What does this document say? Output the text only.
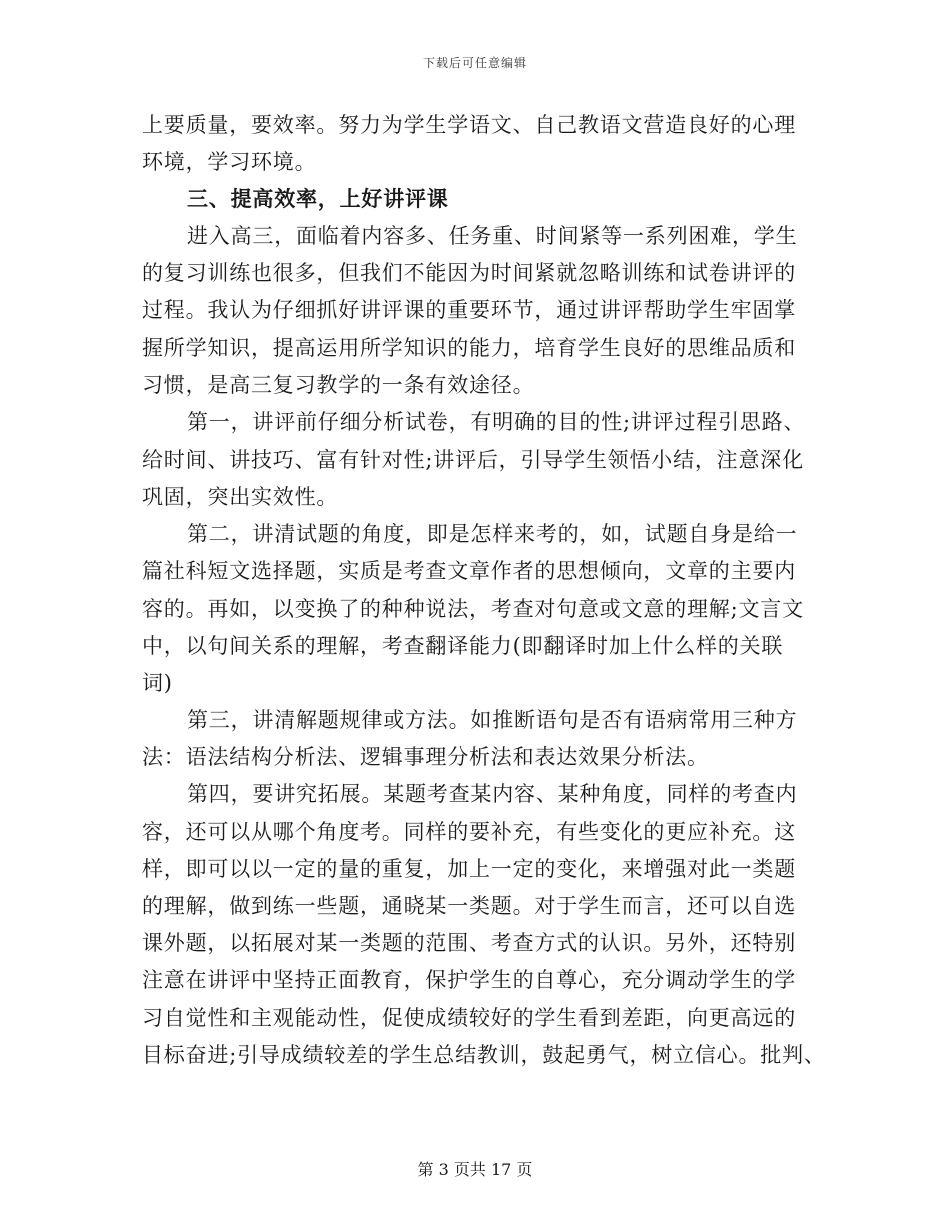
下载后可任意编辑
上要质量，要效率。努力为学生学语文、自己教语文营造良好的心理
环境，学习环境。
三、提高效率，上好讲评课
进入高三，面临着内容多、任务重、时间紧等一系列困难，学生
的复习训练也很多，但我们不能因为时间紧就忽略训练和试卷讲评的
过程。我认为仔细抓好讲评课的重要环节，通过讲评帮助学生牢固掌
握所学知识，提高运用所学知识的能力，培育学生良好的思维品质和
习惯，是高三复习教学的一条有效途径。
第一，讲评前仔细分析试卷，有明确的目的性;讲评过程引思路、
给时间、讲技巧、富有针对性;讲评后，引导学生领悟小结，注意深化
巩固，突出实效性。
第二，讲清试题的角度，即是怎样来考的，如，试题自身是给一
篇社科短文选择题，实质是考查文章作者的思想倾向，文章的主要内
容的。再如，以变换了的种种说法，考查对句意或文意的理解;文言文
中，以句间关系的理解，考查翻译能力(即翻译时加上什么样的关联
词)
第三，讲清解题规律或方法。如推断语句是否有语病常用三种方
法：语法结构分析法、逻辑事理分析法和表达效果分析法。
第四，要讲究拓展。某题考查某内容、某种角度，同样的考查内
容，还可以从哪个角度考。同样的要补充，有些变化的更应补充。这
样，即可以以一定的量的重复，加上一定的变化，来增强对此一类题
的理解，做到练一些题，通晓某一类题。对于学生而言，还可以自选
课外题，以拓展对某一类题的范围、考查方式的认识。另外，还特别
注意在讲评中坚持正面教育，保护学生的自尊心，充分调动学生的学
习自觉性和主观能动性，促使成绩较好的学生看到差距，向更高远的
目标奋进;引导成绩较差的学生总结教训，鼓起勇气，树立信心。批判、
第 3 页共 17 页
